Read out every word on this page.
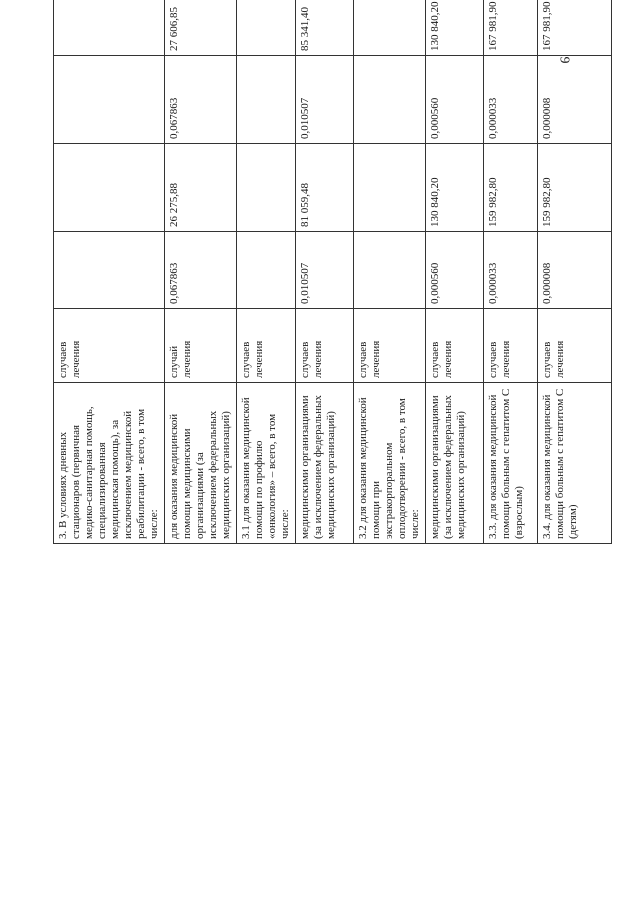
9
3. В условиях дневных стационаров (первичная медико-санитарная помощь, специализированная медицинская помощь), за исключением медицинской реабилитации - всего, в том числе:	случаев лечения						
для оказания медицинской помощи медицинскими организациями (за исключением федеральных медицинских организаций)	случай лечения	0,067863	26 275,88	0,067863	27 606,85		
3.1 для оказания медицинской помощи по профилю «онкология» – всего, в том числе:	случаев лечения						
медицинскими организациями (за исключением федеральных медицинских организаций)	случаев лечения	0,010507	81 059,48	0,010507	85 341,40		
3.2 для оказания медицинской помощи при экстракорпоральном оплодотворении - всего, в том числе:	случаев лечения						
медицинскими организациями (за исключением федеральных медицинских организаций)	случаев лечения	0,000560	130 840,20	0,000560	130 840,20		
3.3. для оказания медицинской помощи больным с гепатитом С (взрослым)	случаев лечения	0,000033	159 982,80	0,000033	167 981,90		
3.4. для оказания медицинской помощи больным с гепатитом С (детям)	случаев лечения	0,000008	159 982,80	0,000008	167 981,90		
